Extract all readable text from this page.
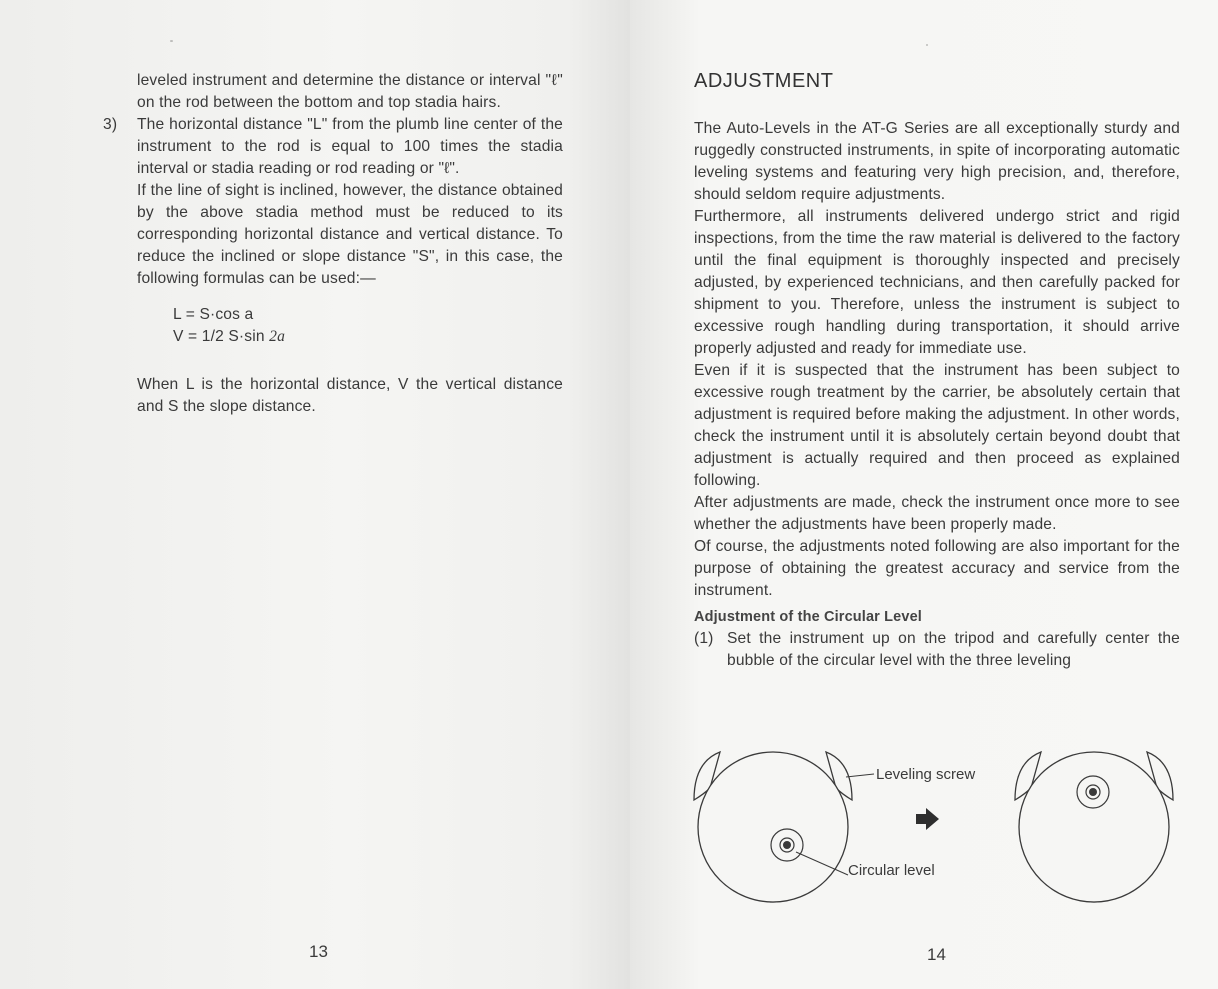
leveled instrument and determine the distance or interval "ℓ" on the rod between the bottom and top stadia hairs.

3) The horizontal distance "L" from the plumb line center of the instrument to the rod is equal to 100 times the stadia interval or stadia reading or rod reading or "ℓ".

If the line of sight is inclined, however, the distance obtained by the above stadia method must be reduced to its corresponding horizontal distance and vertical distance. To reduce the inclined or slope distance "S", in this case, the following formulas can be used:—

L = S·cos a
V = 1/2 S·sin 2a

When L is the horizontal distance, V the vertical distance and S the slope distance.

13
ADJUSTMENT

The Auto-Levels in the AT-G Series are all exceptionally sturdy and ruggedly constructed instruments, in spite of incorporating automatic leveling systems and featuring very high precision, and, therefore, should seldom require adjustments.

Furthermore, all instruments delivered undergo strict and rigid inspections, from the time the raw material is delivered to the factory until the final equipment is thoroughly inspected and precisely adjusted, by experienced technicians, and then carefully packed for shipment to you. Therefore, unless the instrument is subject to excessive rough handling during transportation, it should arrive properly adjusted and ready for immediate use.

Even if it is suspected that the instrument has been subject to excessive rough treatment by the carrier, be absolutely certain that adjustment is required before making the adjustment. In other words, check the instrument until it is absolutely certain beyond doubt that adjustment is actually required and then proceed as explained following.

After adjustments are made, check the instrument once more to see whether the adjustments have been properly made.

Of course, the adjustments noted following are also important for the purpose of obtaining the greatest accuracy and service from the instrument.

Adjustment of the Circular Level
(1) Set the instrument up on the tripod and carefully center the bubble of the circular level with the three leveling

Leveling screw
Circular level
14
